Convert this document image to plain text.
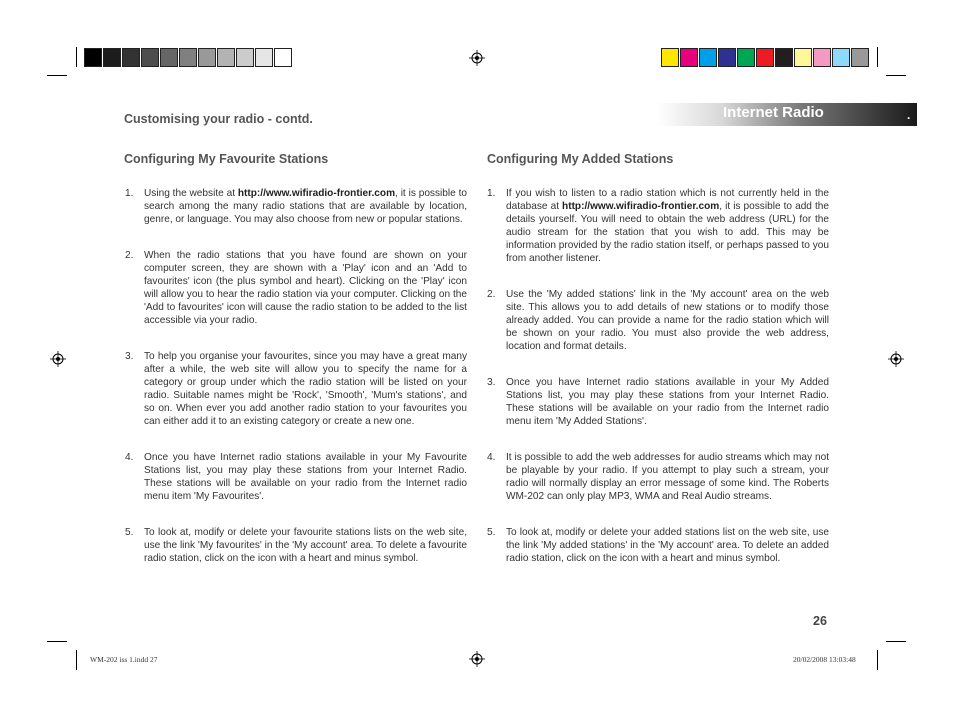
Internet Radio	.
Customising your radio - contd.
Configuring My Favourite Stations
1. Using the website at http://www.wifiradio-frontier.com, it is possible to search among the many radio stations that are available by location, genre, or language. You may also choose from new or popular stations.
2. When the radio stations that you have found are shown on your computer screen, they are shown with a 'Play' icon and an 'Add to favourites' icon (the plus symbol and heart). Clicking on the 'Play' icon will allow you to hear the radio station via your computer. Clicking on the 'Add to favourites' icon will cause the radio station to be added to the list accessible via your radio.
3. To help you organise your favourites, since you may have a great many after a while, the web site will allow you to specify the name for a category or group under which the radio station will be listed on your radio. Suitable names might be 'Rock', 'Smooth', 'Mum's stations', and so on. When ever you add another radio station to your favourites you can either add it to an existing category or create a new one.
4. Once you have Internet radio stations available in your My Favourite Stations list, you may play these stations from your Internet Radio. These stations will be available on your radio from the Internet radio menu item 'My Favourites'.
5. To look at, modify or delete your favourite stations lists on the web site, use the link 'My favourites' in the 'My account' area. To delete a favourite radio station, click on the icon with a heart and minus symbol.
Configuring My Added Stations
1. If you wish to listen to a radio station which is not currently held in the database at http://www.wifiradio-frontier.com, it is possible to add the details yourself. You will need to obtain the web address (URL) for the audio stream for the station that you wish to add. This may be information provided by the radio station itself, or perhaps passed to you from another listener.
2. Use the 'My added stations' link in the 'My account' area on the web site. This allows you to add details of new stations or to modify those already added. You can provide a name for the radio station which will be shown on your radio. You must also provide the web address, location and format details.
3. Once you have Internet radio stations available in your My Added Stations list, you may play these stations from your Internet Radio. These stations will be available on your radio from the Internet radio menu item 'My Added Stations'.
4. It is possible to add the web addresses for audio streams which may not be playable by your radio. If you attempt to play such a stream, your radio will normally display an error message of some kind. The Roberts WM-202 can only play MP3, WMA and Real Audio streams.
5. To look at, modify or delete your added stations list on the web site, use the link 'My added stations' in the 'My account' area. To delete an added radio station, click on the icon with a heart and minus symbol.
26
WM-202 iss 1.indd 27	20/02/2008 13:03:48
